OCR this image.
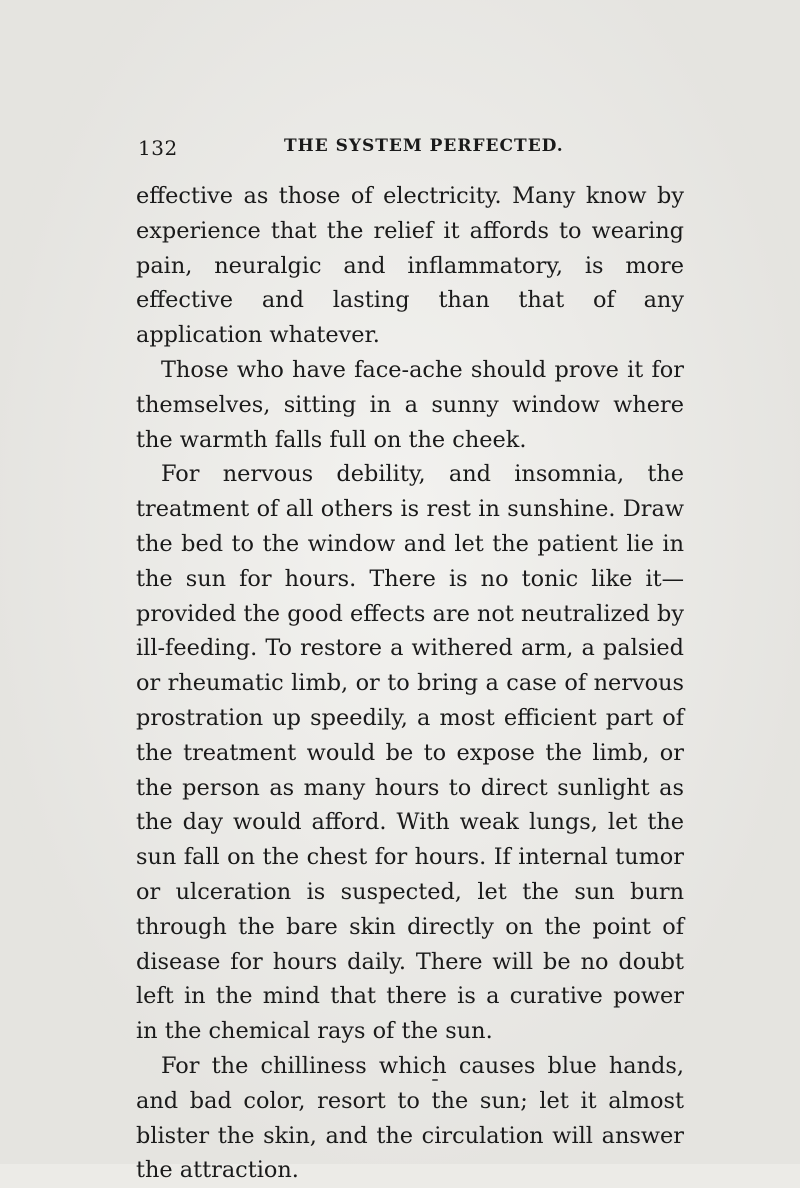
132	THE SYSTEM PERFECTED.

effective as those of electricity. Many know by experience that the relief it affords to wearing pain, neuralgic and inflammatory, is more effective and lasting than that of any application whatever.

Those who have face-ache should prove it for themselves, sitting in a sunny window where the warmth falls full on the cheek.

For nervous debility, and insomnia, the treatment of all others is rest in sunshine. Draw the bed to the window and let the patient lie in the sun for hours. There is no tonic like it—provided the good effects are not neutralized by ill-feeding. To restore a withered arm, a palsied or rheumatic limb, or to bring a case of nervous prostration up speedily, a most efficient part of the treatment would be to expose the limb, or the person as many hours to direct sunlight as the day would afford. With weak lungs, let the sun fall on the chest for hours. If internal tumor or ulceration is suspected, let the sun burn through the bare skin directly on the point of disease for hours daily. There will be no doubt left in the mind that there is a curative power in the chemical rays of the sun.

For the chilliness which causes blue hands, and bad color, resort to the sun; let it almost blister the skin, and the circulation will answer the attraction.
